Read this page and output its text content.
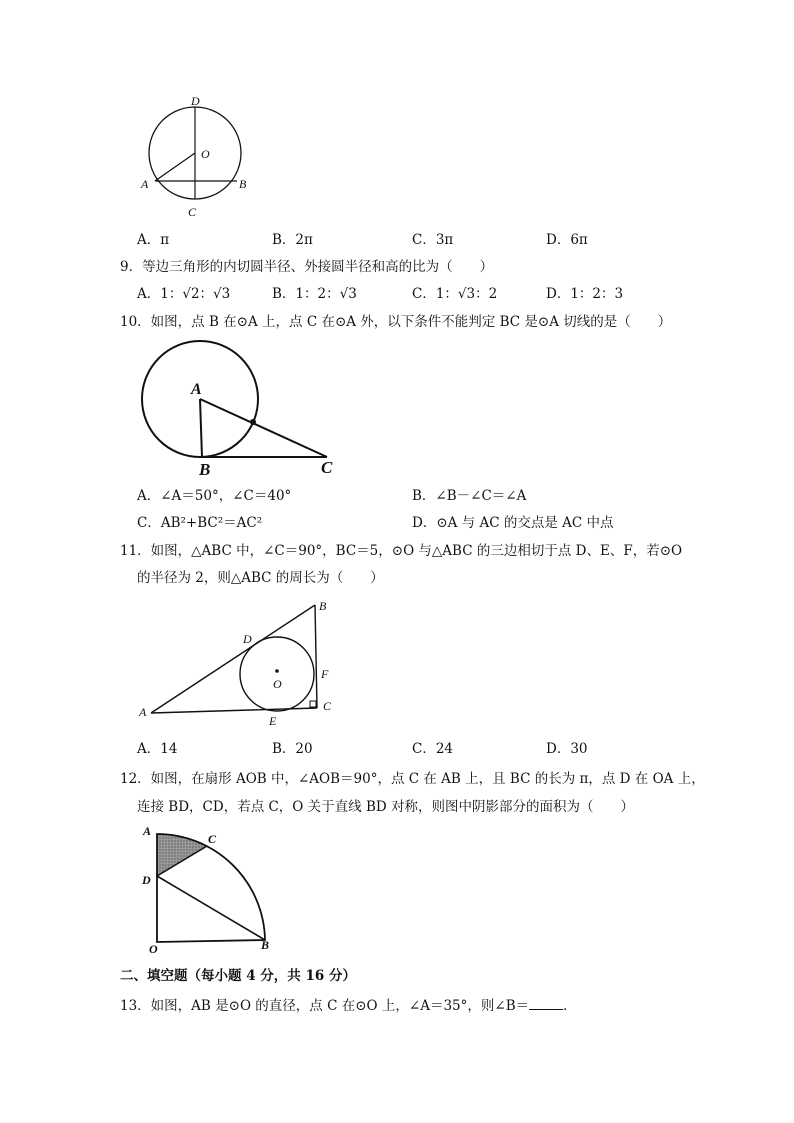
D
O
A	B
C
A．π	B．2π	C．3π	D．6π
9．等边三角形的内切圆半径、外接圆半径和高的比为（　　）
A．1：√2：√3	B．1：2：√3	C．1：√3：2	D．1：2：3
10．如图，点 B 在⊙A 上，点 C 在⊙A 外，以下条件不能判定 BC 是⊙A 切线的是（　　）
A
B	C
A．∠A＝50°，∠C＝40°	B．∠B－∠C＝∠A
C．AB²+BC²＝AC²	D．⊙A 与 AC 的交点是 AC 中点
11．如图，△ABC 中，∠C＝90°，BC＝5，⊙O 与△ABC 的三边相切于点 D、E、F，若⊙O
的半径为 2，则△ABC 的周长为（　　）
B
D
F
O
A	C
E
A．14	B．20	C．24	D．30
12．如图，在扇形 AOB 中，∠AOB＝90°，点 C 在 AB 上，且 BC 的长为 π，点 D 在 OA 上，
连接 BD，CD，若点 C，O 关于直线 BD 对称，则图中阴影部分的面积为（　　）
A
C
D
O	B
二、填空题（每小题 4 分，共 16 分）
13．如图，AB 是⊙O 的直径，点 C 在⊙O 上，∠A＝35°，则∠B＝	．
